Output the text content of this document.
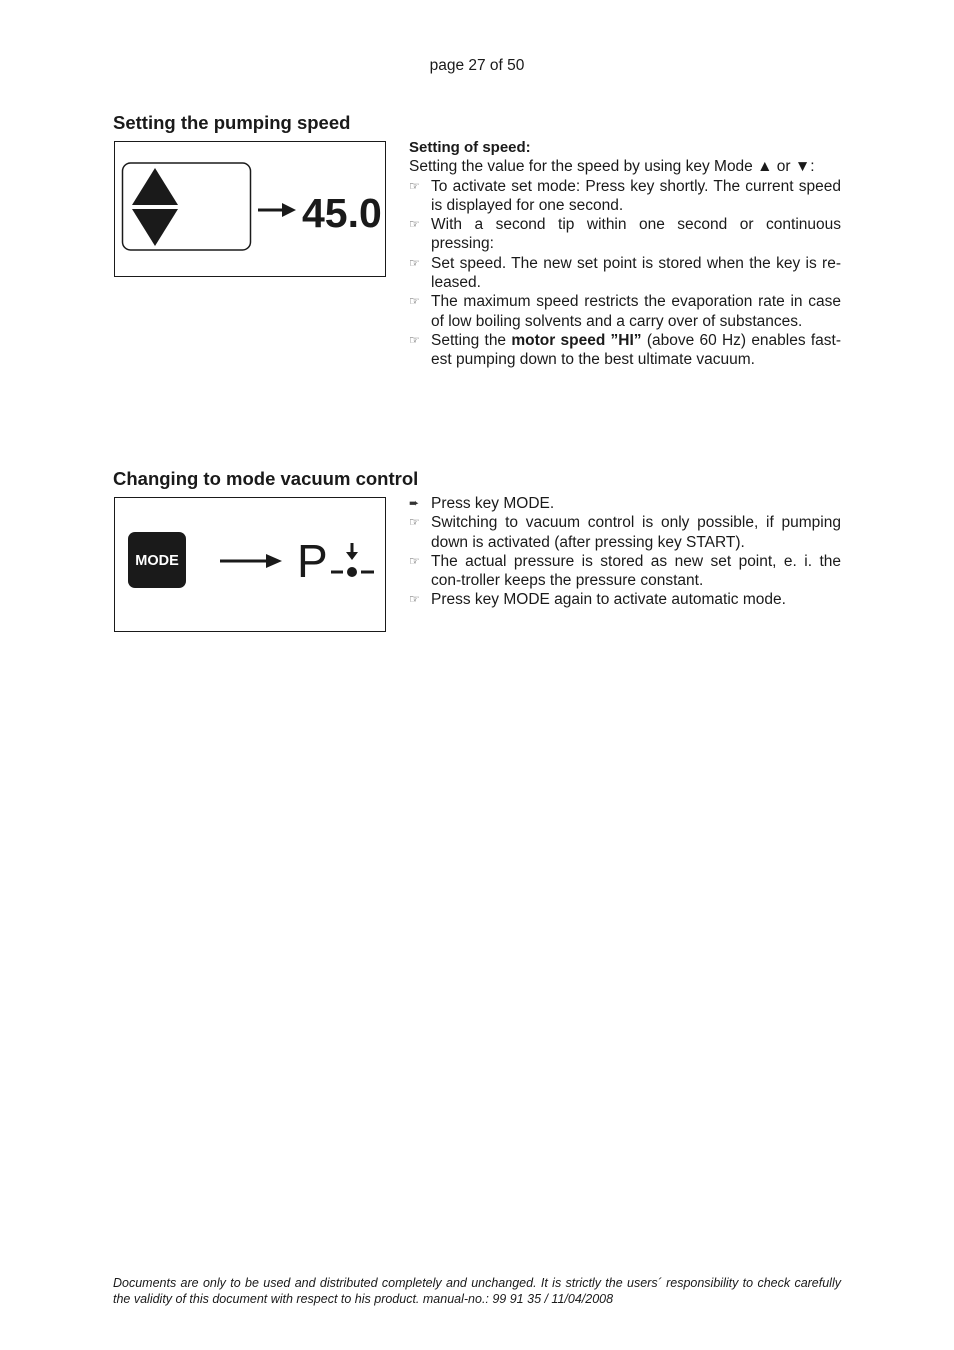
page 27 of 50
Setting the pumping speed
45.0
Setting of speed:
Setting the value for the speed by using key Mode ▲ or ▼:
☞ To activate set mode: Press key shortly. The current speed is displayed for one second.
☞ With a second tip within one second or continuous pressing:
☞ Set speed. The new set point is stored when the key is re-leased.
☞ The maximum speed restricts the evaporation rate in case of low boiling solvents and a carry over of substances.
☞ Setting the motor speed ”HI” (above 60 Hz) enables fast-est pumping down to the best ultimate vacuum.
Changing to mode vacuum control
MODE	P
➨ Press key MODE.
☞ Switching to vacuum control is only possible, if pumping down is activated (after pressing key START).
☞ The actual pressure is stored as new set point, e. i. the con-troller keeps the pressure constant.
☞ Press key MODE again to activate automatic mode.
Documents are only to be used and distributed completely and unchanged. It is strictly the users´ responsibility to check carefully the validity of this document with respect to his product. manual-no.: 99 91 35 / 11/04/2008
